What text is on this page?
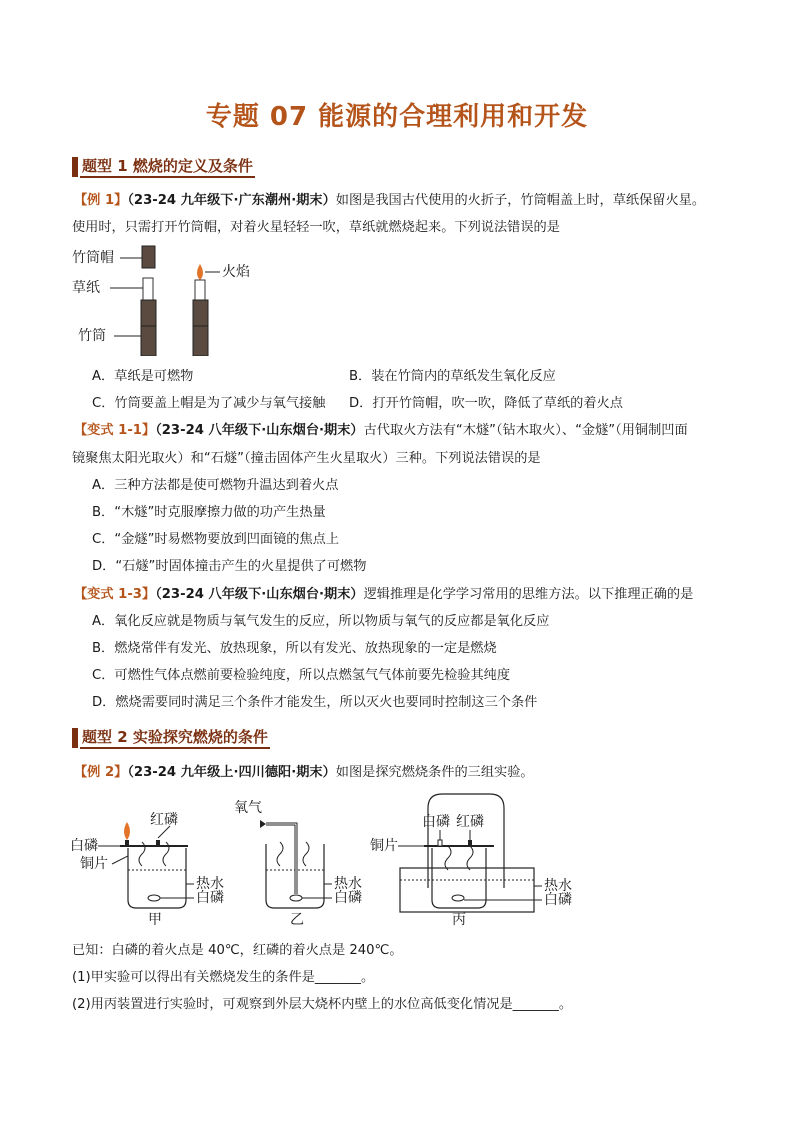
专题 07 能源的合理利用和开发
题型 1 燃烧的定义及条件
【例 1】（23-24 九年级下·广东潮州·期末）如图是我国古代使用的火折子，竹筒帽盖上时，草纸保留火星。
使用时，只需打开竹筒帽，对着火星轻轻一吹，草纸就燃烧起来。下列说法错误的是
竹筒帽
草纸
竹筒
火焰
A．草纸是可燃物	B．装在竹筒内的草纸发生氧化反应
C．竹筒要盖上帽是为了减少与氧气接触 D．打开竹筒帽，吹一吹，降低了草纸的着火点
【变式 1-1】（23-24 八年级下·山东烟台·期末）古代取火方法有“木燧”（钻木取火）、“金燧”（用铜制凹面
镜聚焦太阳光取火）和“石燧”（撞击固体产生火星取火）三种。下列说法错误的是
A．三种方法都是使可燃物升温达到着火点
B．“木燧”时克服摩擦力做的功产生热量
C．“金燧”时易燃物要放到凹面镜的焦点上
D．“石燧”时固体撞击产生的火星提供了可燃物
【变式 1-3】（23-24 八年级下·山东烟台·期末）逻辑推理是化学学习常用的思维方法。以下推理正确的是
A．氧化反应就是物质与氧气发生的反应，所以物质与氧气的反应都是氧化反应
B．燃烧常伴有发光、放热现象，所以有发光、放热现象的一定是燃烧
C．可燃性气体点燃前要检验纯度，所以点燃氢气气体前要先检验其纯度
D．燃烧需要同时满足三个条件才能发生，所以灭火也要同时控制这三个条件
题型 2 实验探究燃烧的条件
【例 2】（23-24 九年级上·四川德阳·期末）如图是探究燃烧条件的三组实验。
白磷
红磷
铜片
热水
白磷
甲
氧气
热水
白磷
乙
白磷 红磷
铜片
热水
白磷
丙
已知：白磷的着火点是 40℃，红磷的着火点是 240℃。
(1)甲实验可以得出有关燃烧发生的条件是_______。
(2)用丙装置进行实验时，可观察到外层大烧杯内壁上的水位高低变化情况是_______。
